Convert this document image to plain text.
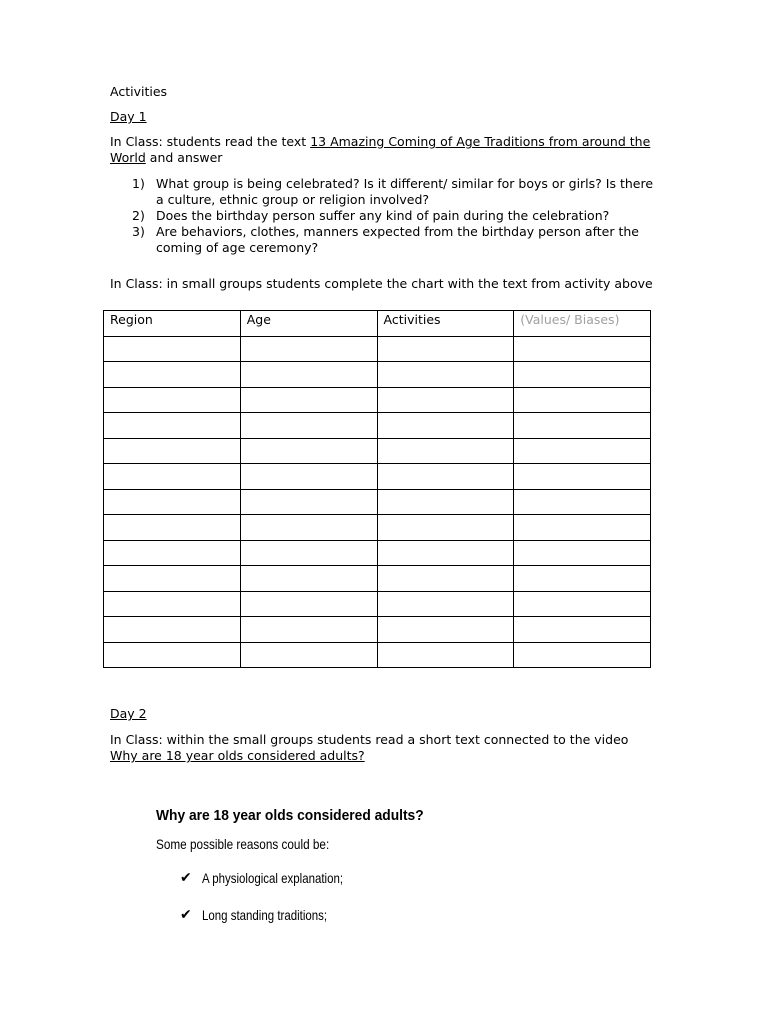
Activities

Day 1

In Class: students read the text 13 Amazing Coming of Age Traditions from around the World and answer

1) What group is being celebrated? Is it different/ similar for boys or girls? Is there a culture, ethnic group or religion involved?
2) Does the birthday person suffer any kind of pain during the celebration?
3) Are behaviors, clothes, manners expected from the birthday person after the coming of age ceremony?

In Class: in small groups students complete the chart with the text from activity above

Region	Age	Activities	(Values/ Biases)

Day 2

In Class: within the small groups students read a short text connected to the video Why are 18 year olds considered adults?

Why are 18 year olds considered adults?

Some possible reasons could be:

✔ A physiological explanation;
✔ Long standing traditions;
